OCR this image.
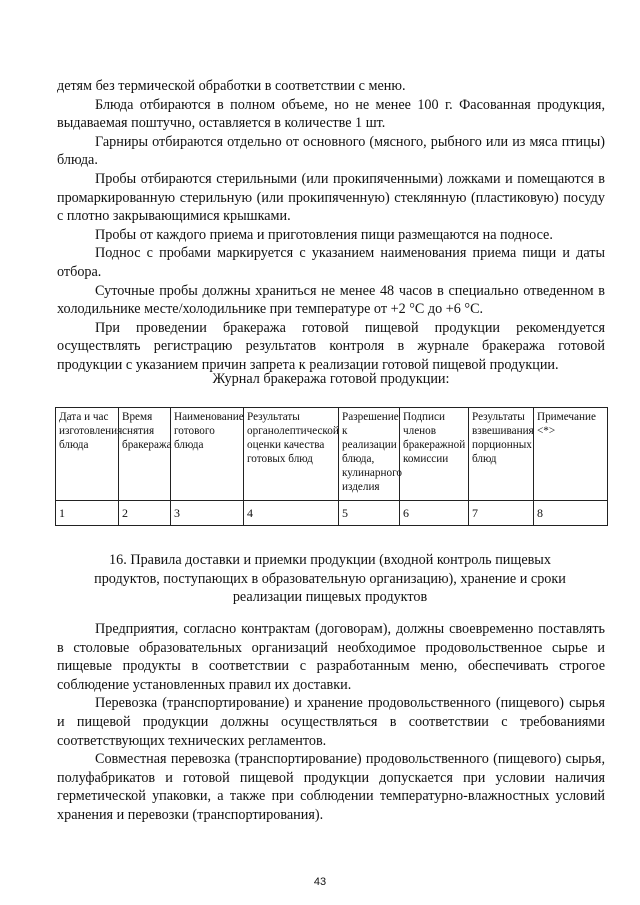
детям без термической обработки в соответствии с меню.

Блюда отбираются в полном объеме, но не менее 100 г. Фасованная продукция, выдаваемая поштучно, оставляется в количестве 1 шт.

Гарниры отбираются отдельно от основного (мясного, рыбного или из мяса птицы) блюда.

Пробы отбираются стерильными (или прокипяченными) ложками и помещаются в промаркированную стерильную (или прокипяченную) стеклянную (пластиковую) посуду с плотно закрывающимися крышками.

Пробы от каждого приема и приготовления пищи размещаются на подносе.

Поднос с пробами маркируется с указанием наименования приема пищи и даты отбора.

Суточные пробы должны храниться не менее 48 часов в специально отведенном в холодильнике месте/холодильнике при температуре от +2 °C до +6 °C.

При проведении бракеража готовой пищевой продукции рекомендуется осуществлять регистрацию результатов контроля в журнале бракеража готовой продукции с указанием причин запрета к реализации готовой пищевой продукции.

Журнал бракеража готовой продукции:
Дата и час изготовления блюда	Время снятия бракеража	Наименование готового блюда	Результаты органолептической оценки качества готовых блюд	Разрешение к реализации блюда, кулинарного изделия	Подписи членов бракеражной комиссии	Результаты взвешивания порционных блюд	Примечание <*>
1	2	3	4	5	6	7	8
16. Правила доставки и приемки продукции (входной контроль пищевых продуктов, поступающих в образовательную организацию), хранение и сроки реализации пищевых продуктов

Предприятия, согласно контрактам (договорам), должны своевременно поставлять в столовые образовательных организаций необходимое продовольственное сырье и пищевые продукты в соответствии с разработанным меню, обеспечивать строгое соблюдение установленных правил их доставки.

Перевозка (транспортирование) и хранение продовольственного (пищевого) сырья и пищевой продукции должны осуществляться в соответствии с требованиями соответствующих технических регламентов.

Совместная перевозка (транспортирование) продовольственного (пищевого) сырья, полуфабрикатов и готовой пищевой продукции допускается при условии наличия герметической упаковки, а также при соблюдении температурно-влажностных условий хранения и перевозки (транспортирования).

43
